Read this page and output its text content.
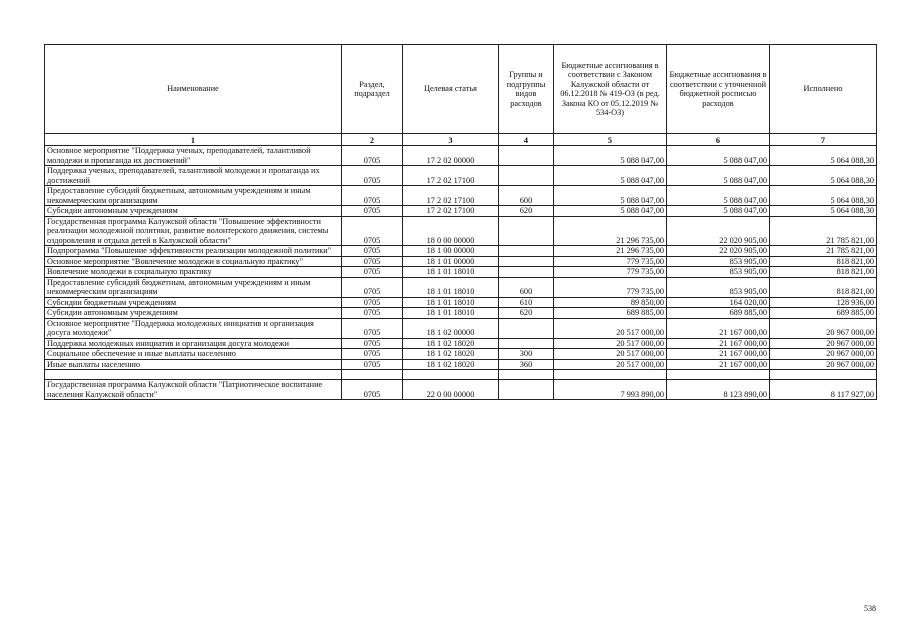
Наименование	Раздел, подраздел	Целевая статья	Группы и подгруппы видов расходов	Бюджетные ассигнования в соответствии с Законом Калужской области от 06.12.2018 № 419-ОЗ (в ред. Закона КО от 05.12.2019 № 534-ОЗ)	Бюджетные ассигнования в соответствии с уточненной бюджетной росписью расходов	Исполнено
1	2	3	4	5	6	7
Основное мероприятие "Поддержка ученых, преподавателей, талантливой молодежи и пропаганда их достижений"	0705	17 2 02 00000		5 088 047,00	5 088 047,00	5 064 088,30
Поддержка ученых, преподавателей, талантливой молодежи и пропаганда их достижений	0705	17 2 02 17100		5 088 047,00	5 088 047,00	5 064 088,30
Предоставление субсидий бюджетным, автономным учреждениям и иным некоммерческим организациям	0705	17 2 02 17100	600	5 088 047,00	5 088 047,00	5 064 088,30
Субсидии автономным учреждениям	0705	17 2 02 17100	620	5 088 047,00	5 088 047,00	5 064 088,30
Государственная программа Калужской области "Повышение эффективности реализации молодежной политики, развитие волонтерского движения, системы оздоровления и отдыха детей в Калужской области"	0705	18 0 00 00000		21 296 735,00	22 020 905,00	21 785 821,00
Подпрограмма "Повышение эффективности реализации молодежной политики"	0705	18 1 00 00000		21 296 735,00	22 020 905,00	21 785 821,00
Основное мероприятие "Вовлечение молодежи в социальную практику"	0705	18 1 01 00000		779 735,00	853 905,00	818 821,00
Вовлечение молодежи в социальную практику	0705	18 1 01 18010		779 735,00	853 905,00	818 821,00
Предоставление субсидий бюджетным, автономным учреждениям и иным некоммерческим организациям	0705	18 1 01 18010	600	779 735,00	853 905,00	818 821,00
Субсидии бюджетным учреждениям	0705	18 1 01 18010	610	89 850,00	164 020,00	128 936,00
Субсидии автономным учреждениям	0705	18 1 01 18010	620	689 885,00	689 885,00	689 885,00
Основное мероприятие "Поддержка молодежных инициатив и организация досуга молодежи"	0705	18 1 02 00000		20 517 000,00	21 167 000,00	20 967 000,00
Поддержка молодежных инициатив и организация досуга молодежи	0705	18 1 02 18020		20 517 000,00	21 167 000,00	20 967 000,00
Социальное обеспечение и иные выплаты населению	0705	18 1 02 18020	300	20 517 000,00	21 167 000,00	20 967 000,00
Иные выплаты населению	0705	18 1 02 18020	360	20 517 000,00	21 167 000,00	20 967 000,00

Государственная программа Калужской области "Патриотическое воспитание населения Калужской области"	0705	22 0 00 00000		7 993 890,00	8 123 890,00	8 117 927,00
538
